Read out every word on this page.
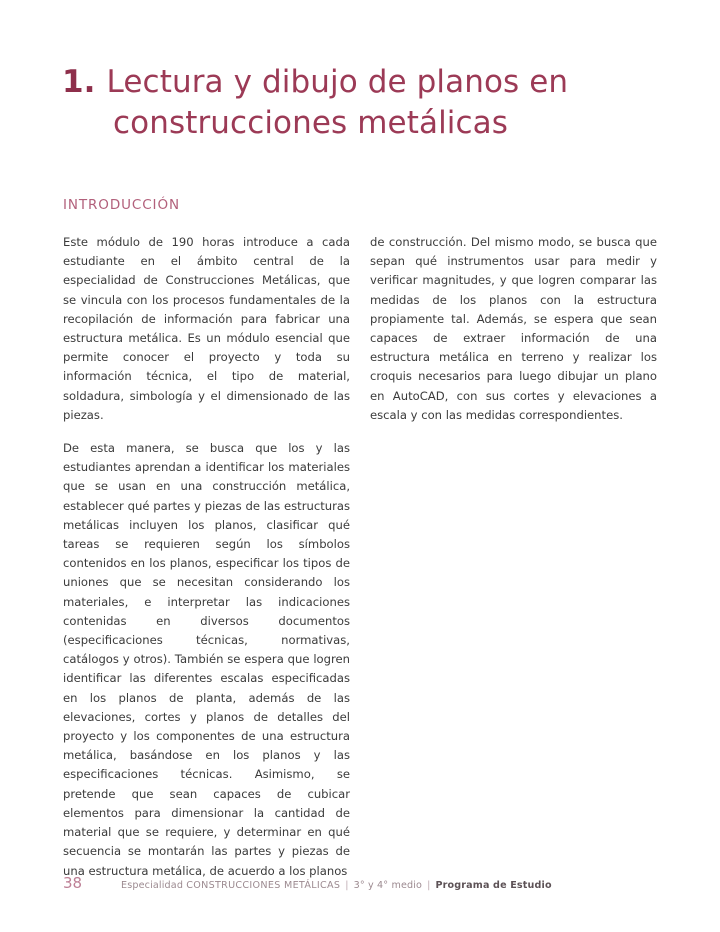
1. Lectura y dibujo de planos en
construcciones metálicas
INTRODUCCIÓN

Este módulo de 190 horas introduce a cada estudiante en el ámbito central de la especialidad de Construcciones Metálicas, que se vincula con los procesos fundamentales de la recopilación de información para fabricar una estructura metálica. Es un módulo esencial que permite conocer el proyecto y toda su información técnica, el tipo de material, soldadura, simbología y el dimensionado de las piezas.

De esta manera, se busca que los y las estudiantes aprendan a identificar los materiales que se usan en una construcción metálica, establecer qué partes y piezas de las estructuras metálicas incluyen los planos, clasificar qué tareas se requieren según los símbolos contenidos en los planos, especificar los tipos de uniones que se necesitan considerando los materiales, e interpretar las indicaciones contenidas en diversos documentos (especificaciones técnicas, normativas, catálogos y otros). También se espera que logren identificar las diferentes escalas especificadas en los planos de planta, además de las elevaciones, cortes y planos de detalles del proyecto y los componentes de una estructura metálica, basándose en los planos y las especificaciones técnicas. Asimismo, se pretende que sean capaces de cubicar elementos para dimensionar la cantidad de material que se requiere, y determinar en qué secuencia se montarán las partes y piezas de una estructura metálica, de acuerdo a los planos

de construcción. Del mismo modo, se busca que sepan qué instrumentos usar para medir y verificar magnitudes, y que logren comparar las medidas de los planos con la estructura propiamente tal. Además, se espera que sean capaces de extraer información de una estructura metálica en terreno y realizar los croquis necesarios para luego dibujar un plano en AutoCAD, con sus cortes y elevaciones a escala y con las medidas correspondientes.

38	Especialidad CONSTRUCCIONES METÁLICAS | 3° y 4° medio | Programa de Estudio
